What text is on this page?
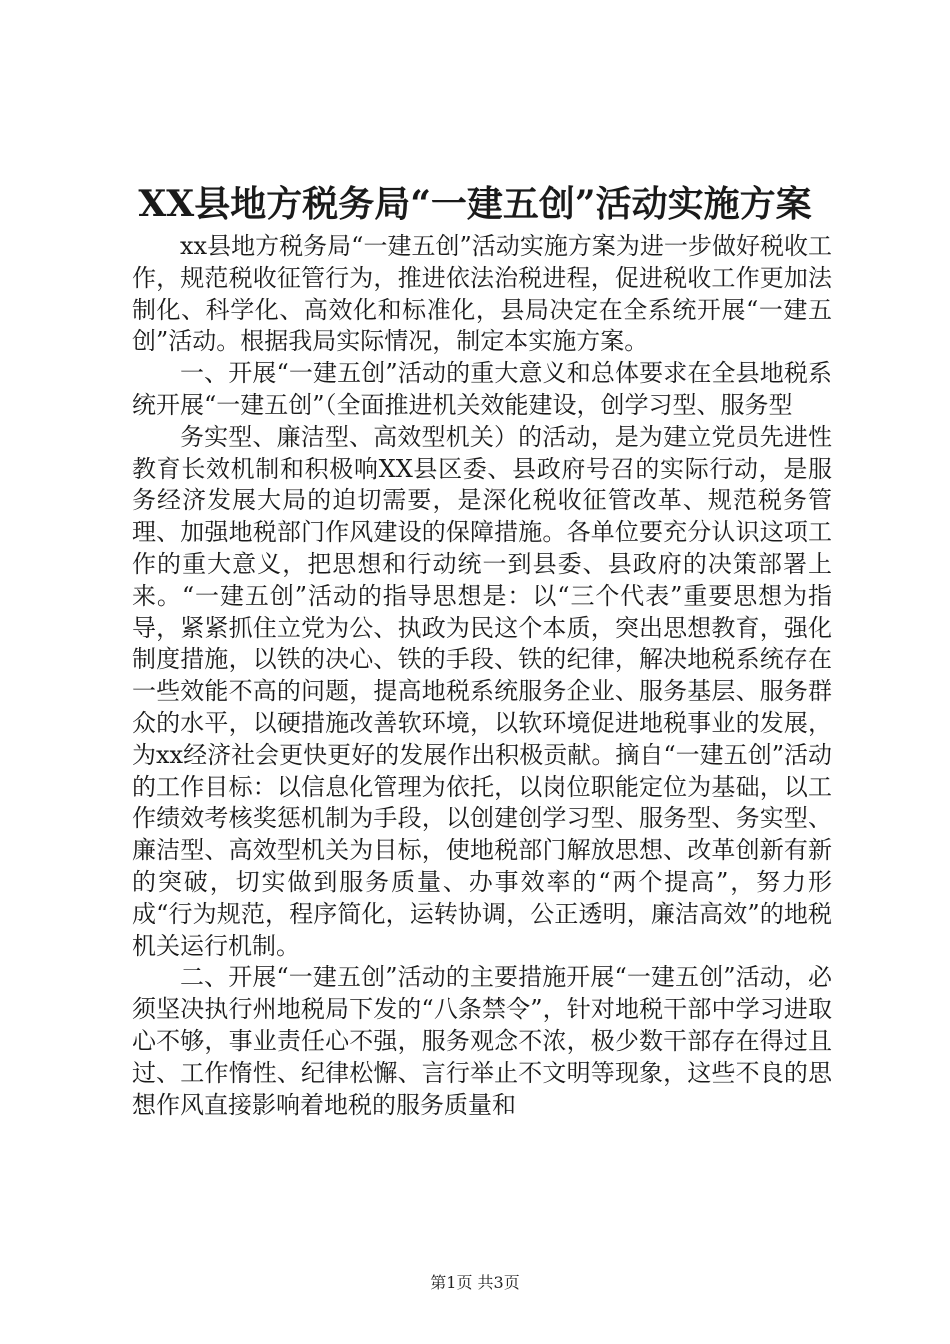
XX县地方税务局“一建五创”活动实施方案

xx县地方税务局“一建五创”活动实施方案为进一步做好税收工作，规范税收征管行为，推进依法治税进程，促进税收工作更加法制化、科学化、高效化和标准化，县局决定在全系统开展“一建五创”活动。根据我局实际情况，制定本实施方案。

一、开展“一建五创”活动的重大意义和总体要求在全县地税系统开展“一建五创”（全面推进机关效能建设，创学习型、服务型

务实型、廉洁型、高效型机关）的活动，是为建立党员先进性教育长效机制和积极响XX县区委、县政府号召的实际行动，是服务经济发展大局的迫切需要，是深化税收征管改革、规范税务管理、加强地税部门作风建设的保障措施。各单位要充分认识这项工作的重大意义，把思想和行动统一到县委、县政府的决策部署上来。“一建五创”活动的指导思想是：以“三个代表”重要思想为指导，紧紧抓住立党为公、执政为民这个本质，突出思想教育，强化制度措施，以铁的决心、铁的手段、铁的纪律，解决地税系统存在一些效能不高的问题，提高地税系统服务企业、服务基层、服务群众的水平，以硬措施改善软环境，以软环境促进地税事业的发展，为xx经济社会更快更好的发展作出积极贡献。摘自“一建五创”活动的工作目标：以信息化管理为依托，以岗位职能定位为基础，以工作绩效考核奖惩机制为手段，以创建创学习型、服务型、务实型、廉洁型、高效型机关为目标，使地税部门解放思想、改革创新有新的突破，切实做到服务质量、办事效率的“两个提高”，努力形成“行为规范，程序简化，运转协调，公正透明，廉洁高效”的地税机关运行机制。

二、开展“一建五创”活动的主要措施开展“一建五创”活动，必须坚决执行州地税局下发的“八条禁令”，针对地税干部中学习进取心不够，事业责任心不强，服务观念不浓，极少数干部存在得过且过、工作惰性、纪律松懈、言行举止不文明等现象，这些不良的思想作风直接影响着地税的服务质量和

第1页 共3页
